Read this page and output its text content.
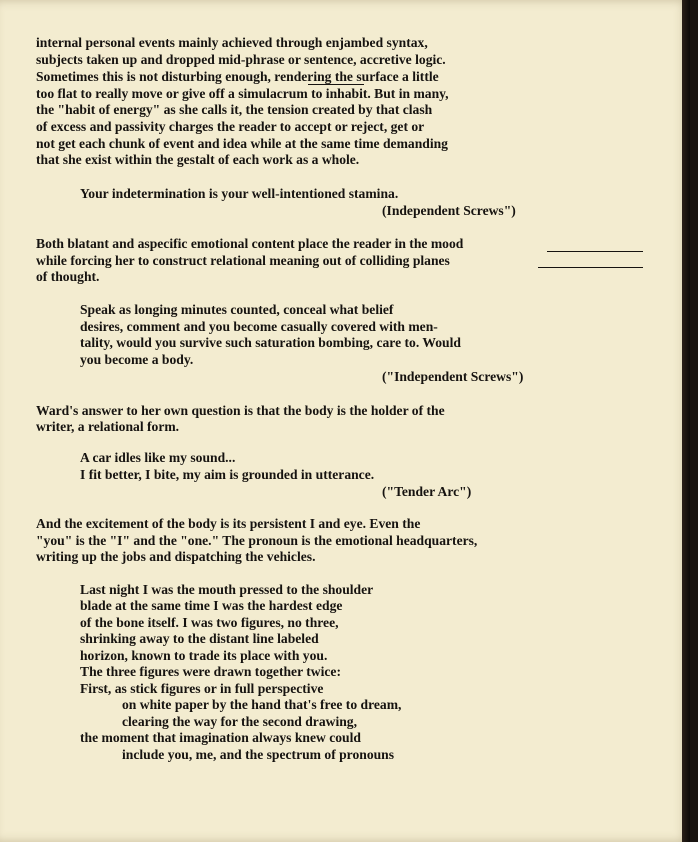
internal personal events mainly achieved through enjambed syntax,
subjects taken up and dropped mid-phrase or sentence, accretive logic.
Sometimes this is not disturbing enough, rendering the surface a little
too flat to really move or give off a simulacrum to inhabit. But in many,
the "habit of energy" as she calls it, the tension created by that clash
of excess and passivity charges the reader to accept or reject, get or
not get each chunk of event and idea while at the same time demanding
that she exist within the gestalt of each work as a whole.
Your indetermination is your well-intentioned stamina.
(Independent Screws")
Both blatant and aspecific emotional content place the reader in the mood
while forcing her to construct relational meaning out of colliding planes
of thought.
Speak as longing minutes counted, conceal what belief
desires, comment and you become casually covered with men-
tality, would you survive such saturation bombing, care to. Would
you become a body.
("Independent Screws")
Ward's answer to her own question is that the body is the holder of the
writer, a relational form.
A car idles like my sound...
I fit better, I bite, my aim is grounded in utterance.
("Tender Arc")
And the excitement of the body is its persistent I and eye. Even the
"you" is the "I" and the "one." The pronoun is the emotional headquarters,
writing up the jobs and dispatching the vehicles.
Last night I was the mouth pressed to the shoulder
blade at the same time I was the hardest edge
of the bone itself. I was two figures, no three,
shrinking away to the distant line labeled
horizon, known to trade its place with you.
The three figures were drawn together twice:
First, as stick figures or in full perspective
on white paper by the hand that's free to dream,
clearing the way for the second drawing,
the moment that imagination always knew could
include you, me, and the spectrum of pronouns
